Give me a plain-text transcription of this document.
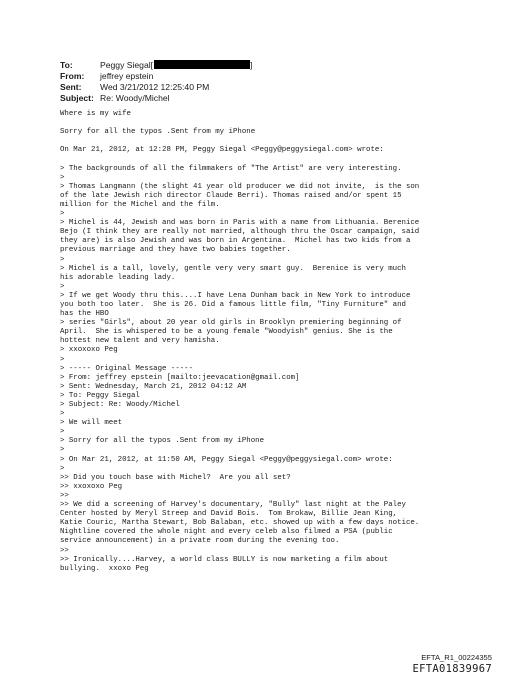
To:	Peggy Siegal[	]
From:	jeffrey epstein
Sent:	Wed 3/21/2012 12:25:40 PM
Subject: Re: Woody/Michel
Where is my wife

Sorry for all the typos .Sent from my iPhone

On Mar 21, 2012, at 12:28 PM, Peggy Siegal <Peggy@peggysiegal.com> wrote:

> The backgrounds of all the filmmakers of "The Artist" are very interesting.
>
> Thomas Langmann (the slight 41 year old producer we did not invite,  is the son
of the late Jewish rich director Claude Berri). Thomas raised and/or spent 15
million for the Michel and the film.
>
> Michel is 44, Jewish and was born in Paris with a name from Lithuania. Berenice
Bejo (I think they are really not married, although thru the Oscar campaign, said
they are) is also Jewish and was born in Argentina.  Michel has two kids from a
previous marriage and they have two babies together.
>
> Michel is a tall, lovely, gentle very very smart guy.  Berenice is very much
his adorable leading lady.
>
> If we get Woody thru this....I have Lena Dunham back in New York to introduce
you both too later.  She is 26. Did a famous little film, "Tiny Furniture" and
has the HBO
> series "Girls", about 20 year old girls in Brooklyn premiering beginning of
April.  She is whispered to be a young female "Woodyish" genius. She is the
hottest new talent and very hamisha.
> xxoxoxo Peg
>
> ----- Original Message -----
> From: jeffrey epstein [mailto:jeevacation@gmail.com]
> Sent: Wednesday, March 21, 2012 04:12 AM
> To: Peggy Siegal
> Subject: Re: Woody/Michel
>
> We will meet
>
> Sorry for all the typos .Sent from my iPhone
>
> On Mar 21, 2012, at 11:50 AM, Peggy Siegal <Peggy@peggysiegal.com> wrote:
>
>> Did you touch base with Michel?  Are you all set?
>> xxoxoxo Peg
>>
>> We did a screening of Harvey's documentary, "Bully" last night at the Paley
Center hosted by Meryl Streep and David Bois.  Tom Brokaw, Billie Jean King,
Katie Couric, Martha Stewart, Bob Balaban, etc. showed up with a few days notice.
Nightline covered the whole night and every celeb also filmed a PSA (public
service announcement) in a private room during the evening too.
>>
>> Ironically....Harvey, a world class BULLY is now marketing a film about
bullying.  xxoxo Peg
EFTA_R1_00224355
EFTA01839967
